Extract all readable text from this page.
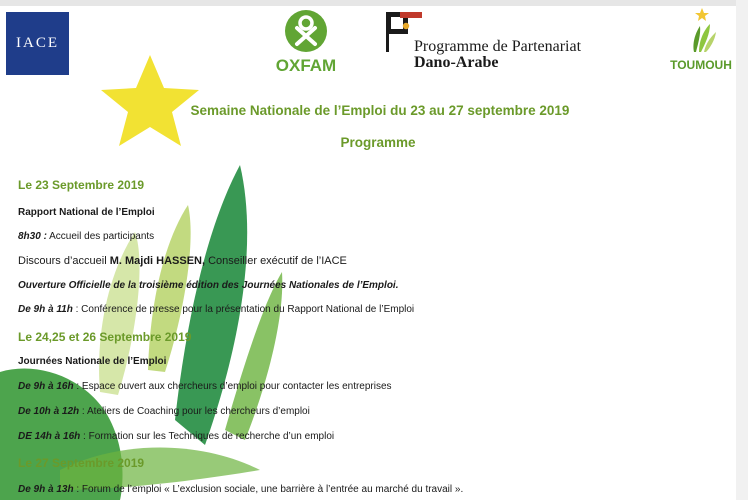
IACE
OXFAM
Programme de Partenariat
Dano-Arabe	TOUMOUH
Semaine Nationale de l’Emploi du 23 au 27 septembre 2019
Programme
Le 23 Septembre 2019
Rapport National de l’Emploi
8h30 : Accueil des participants
Discours d’accueil M. Majdi HASSEN, Conseiller exécutif de l’IACE
Ouverture Officielle de la troisième édition des Journées Nationales de l’Emploi.
De 9h à 11h : Conférence de presse pour la présentation du Rapport National de l’Emploi
Le 24,25 et 26 Septembre 2019
Journées Nationale de l’Emploi
De 9h à 16h : Espace ouvert aux chercheurs d’emploi pour contacter les entreprises
De 10h à 12h : Ateliers de Coaching pour les chercheurs d’emploi
DE 14h à 16h : Formation sur les Techniques de recherche d’un emploi
Le 27 Septembre 2019
De 9h à 13h : Forum de l’emploi « L’exclusion sociale, une barrière à l’entrée au marché du travail ».
